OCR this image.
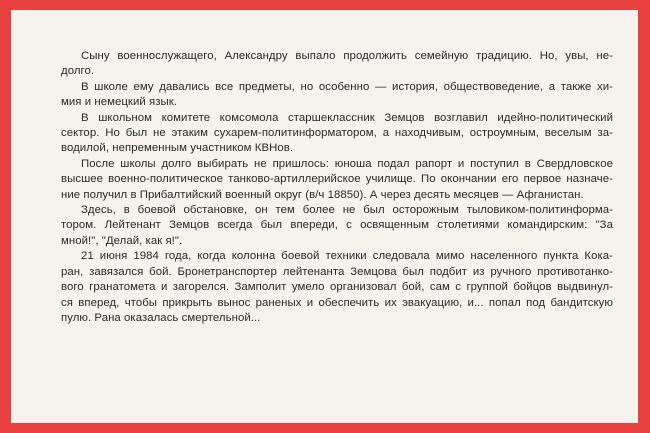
Сыну военнослужащего, Александру выпало продолжить семейную традицию. Но, увы, не-
долго.

В школе ему давались все предметы, но особенно — история, обществоведение, а также хи-
мия и немецкий язык.

В школьном комитете комсомола старшеклассник Земцов возглавил идейно-политический
сектор. Но был не этаким сухарем-политинформатором, а находчивым, остроумным, веселым за-
водилой, непременным участником КВНов.

После школы долго выбирать не пришлось: юноша подал рапорт и поступил в Свердловское
высшее военно-политическое танково-артиллерийское училище. По окончании его первое назначе-
ние получил в Прибалтийский военный округ (в/ч 18850). А через десять месяцев — Афганистан.

Здесь, в боевой обстановке, он тем более не был осторожным тыловиком-политинформа-
тором. Лейтенант Земцов всегда был впереди, с освященным столетиями командирским: "За
мной!", "Делай, как я!".

21 июня 1984 года, когда колонна боевой техники следовала мимо населенного пункта Кока-
ран, завязался бой. Бронетранспортер лейтенанта Земцова был подбит из ручного противотанко-
вого гранатомета и загорелся. Замполит умело организовал бой, сам с группой бойцов выдвинул-
ся вперед, чтобы прикрыть вынос раненых и обеспечить их эвакуацию, и... попал под бандитскую
пулю. Рана оказалась смертельной...
